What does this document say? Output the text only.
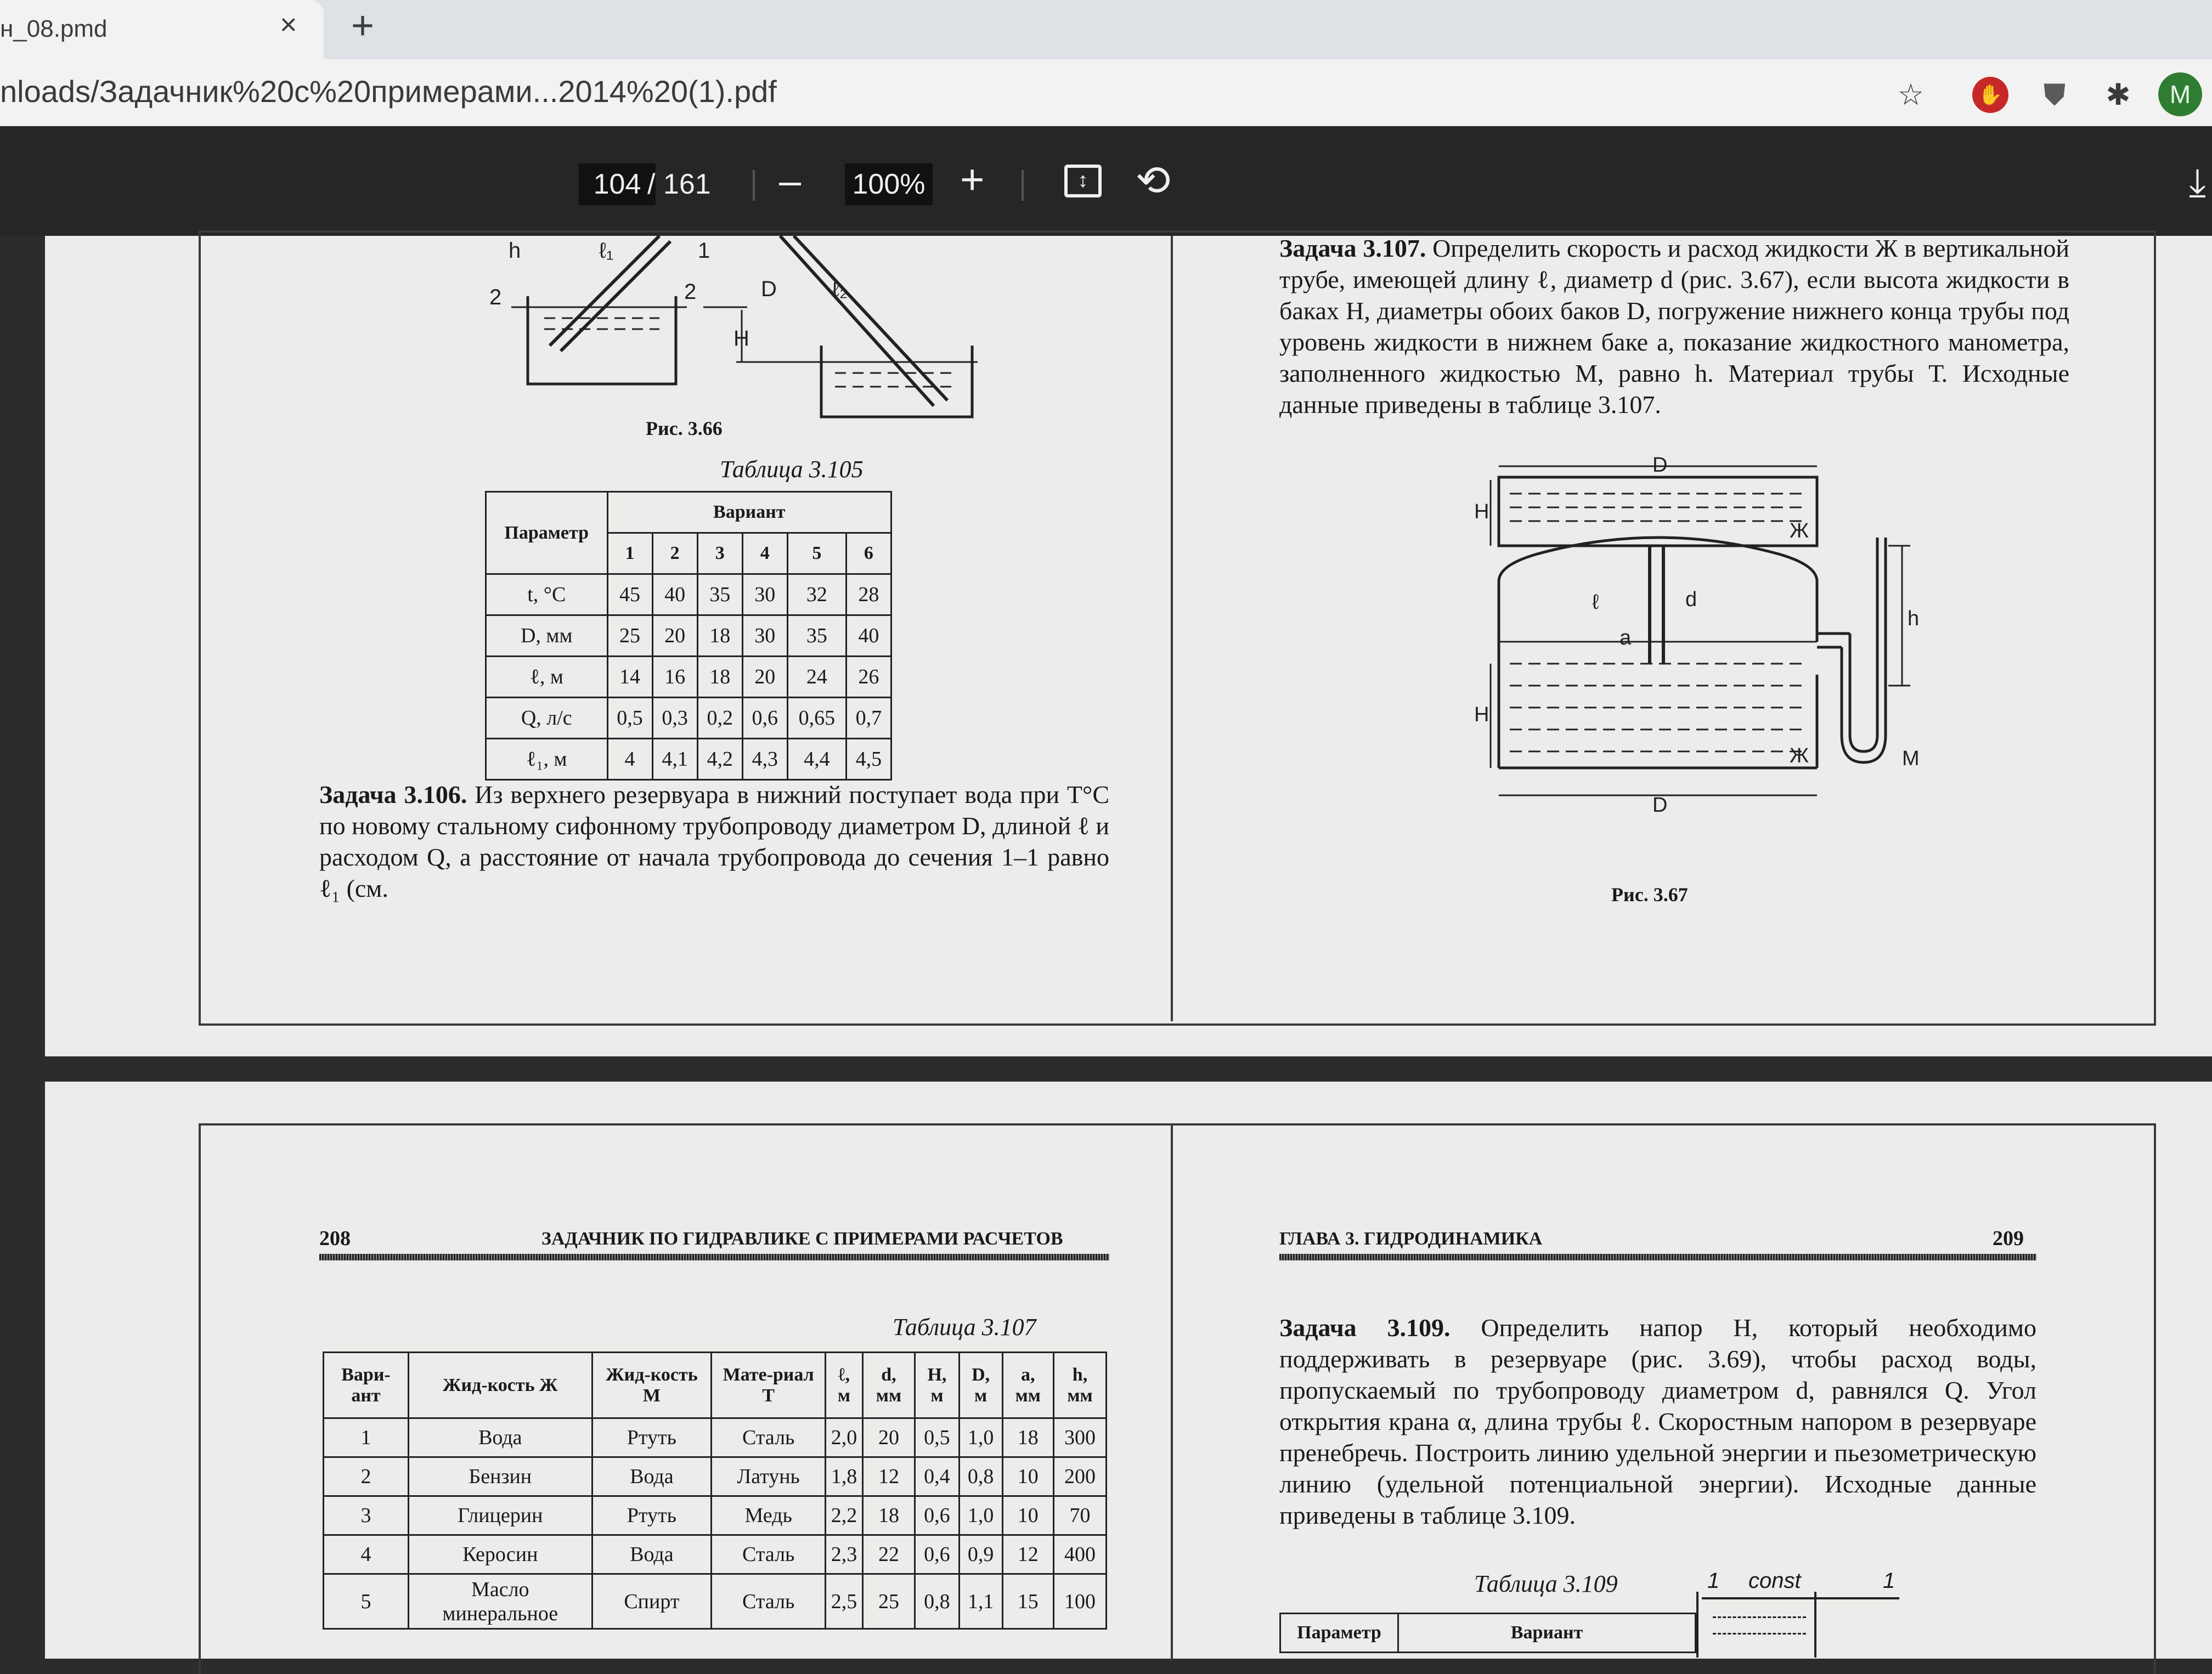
н_08.pmd	× +
nloads/Задачник%20с%20примерами...2014%20(1).pdf	☆	✋ ⛊ ✱	M
104 / 161 – 100% +	↕	⟲	⤓
h	ℓ₁	1
2	2	D	ℓ₂
H
Рис. 3.66
Таблица 3.105
Параметр	Вариант					
	1	2	3	4	5	6
t, °С	45	40	35	30	32	28
D, мм	25	20	18	30	35	40
ℓ, м	14	16	18	20	24	26
Q, л/с	0,5	0,3	0,2	0,6	0,65	0,7
ℓ₁, м	4	4,1	4,2	4,3	4,4	4,5
Задача 3.106. Из верхнего резервуара в нижний поступает вода при T°C по новому стальному сифонному трубопроводу диаметром D, длиной ℓ и расходом Q, а расстояние от начала трубопровода до сечения 1–1 равно ℓ₁ (см.
Задача 3.107. Определить скорость и расход жидкости Ж в вертикальной трубе, имеющей длину ℓ, диаметр d (рис. 3.67), если высота жидкости в баках H, диаметры обоих баков D, погружение нижнего конца трубы под уровень жидкости в нижнем баке a, показание жидкостного манометра, заполненного жидкостью М, равно h. Материал трубы Т. Исходные данные приведены в таблице 3.107.
D
H
Ж
ℓ	d
a
h
H
Ж	M
D
Рис. 3.67
208	ЗАДАЧНИК ПО ГИДРАВЛИКЕ С ПРИМЕРАМИ РАСЧЕТОВ	ГЛАВА 3. ГИДРОДИНАМИКА	209
Таблица 3.107
Вари-ант	Жид-кость Ж	Жид-кость М	Мате-риал Т	ℓ, м	d, мм	H, м	D, м	a, мм	h, мм
1	Вода	Ртуть	Сталь	2,0	20	0,5	1,0	18	300
2	Бензин	Вода	Латунь	1,8	12	0,4	0,8	10	200
3	Глицерин	Ртуть	Медь	2,2	18	0,6	1,0	10	70
4	Керосин	Вода	Сталь	2,3	22	0,6	0,9	12	400
5	Масло минеральное	Спирт	Сталь	2,5	25	0,8	1,1	15	100
Задача 3.109. Определить напор H, который необходимо поддерживать в резервуаре (рис. 3.69), чтобы расход воды, пропускаемый по трубопроводу диаметром d, равнялся Q. Угол открытия крана α, длина трубы ℓ. Скоростным напором в резервуаре пренебречь. Построить линию удельной энергии и пьезометрическую линию (удельной потенциальной энергии). Исходные данные приведены в таблице 3.109.
Таблица 3.109	1 const	1
Параметр	Вариант
